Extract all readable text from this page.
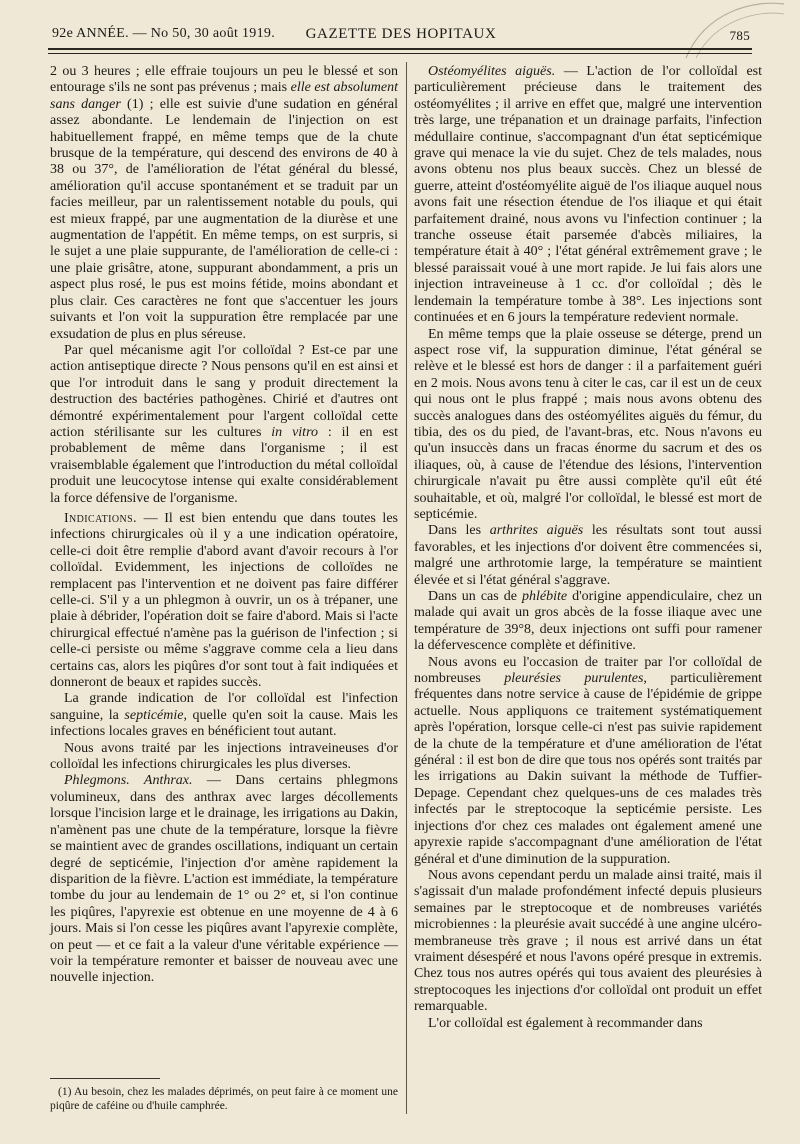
92e ANNÉE. — No 50, 30 août 1919.	GAZETTE DES HOPITAUX	785

2 ou 3 heures ; elle effraie toujours un peu le blessé et son entourage s'ils ne sont pas prévenus ; mais elle est absolument sans danger (1) ; elle est suivie d'une sudation en général assez abondante. Le lendemain de l'injection on est habituellement frappé, en même temps que de la chute brusque de la température, qui descend des environs de 40 à 38 ou 37°, de l'amélioration de l'état général du blessé, amélioration qu'il accuse spontanément et se traduit par un facies meilleur, par un ralentissement notable du pouls, qui est mieux frappé, par une augmentation de la diurèse et une augmentation de l'appétit. En même temps, on est surpris, si le sujet a une plaie suppurante, de l'amélioration de celle-ci : une plaie grisâtre, atone, suppurant abondamment, a pris un aspect plus rosé, le pus est moins fétide, moins abondant et plus clair. Ces caractères ne font que s'accentuer les jours suivants et l'on voit la suppuration être remplacée par une exsudation de plus en plus séreuse.

Par quel mécanisme agit l'or colloïdal ? Est-ce par une action antiseptique directe ? Nous pensons qu'il en est ainsi et que l'or introduit dans le sang y produit directement la destruction des bactéries pathogènes. Chirié et d'autres ont démontré expérimentalement pour l'argent colloïdal cette action stérilisante sur les cultures in vitro : il en est probablement de même dans l'organisme ; il est vraisemblable également que l'introduction du métal colloïdal produit une leucocytose intense qui exalte considérablement la force défensive de l'organisme.

Indications. — Il est bien entendu que dans toutes les infections chirurgicales où il y a une indication opératoire, celle-ci doit être remplie d'abord avant d'avoir recours à l'or colloïdal. Evidemment, les injections de colloïdes ne remplacent pas l'intervention et ne doivent pas faire différer celle-ci. S'il y a un phlegmon à ouvrir, un os à trépaner, une plaie à débrider, l'opération doit se faire d'abord. Mais si l'acte chirurgical effectué n'amène pas la guérison de l'infection ; si celle-ci persiste ou même s'aggrave comme cela a lieu dans certains cas, alors les piqûres d'or sont tout à fait indiquées et donneront de beaux et rapides succès.

La grande indication de l'or colloïdal est l'infection sanguine, la septicémie, quelle qu'en soit la cause. Mais les infections locales graves en bénéficient tout autant.

Nous avons traité par les injections intraveineuses d'or colloïdal les infections chirurgicales les plus diverses.

Phlegmons. Anthrax. — Dans certains phlegmons volumineux, dans des anthrax avec larges décollements lorsque l'incision large et le drainage, les irrigations au Dakin, n'amènent pas une chute de la température, lorsque la fièvre se maintient avec de grandes oscillations, indiquant un certain degré de septicémie, l'injection d'or amène rapidement la disparition de la fièvre. L'action est immédiate, la température tombe du jour au lendemain de 1° ou 2° et, si l'on continue les piqûres, l'apyrexie est obtenue en une moyenne de 4 à 6 jours. Mais si l'on cesse les piqûres avant l'apyrexie complète, on peut — et ce fait a la valeur d'une véritable expérience — voir la température remonter et baisser de nouveau avec une nouvelle injection.

Ostéomyélites aiguës. — L'action de l'or colloïdal est particulièrement précieuse dans le traitement des ostéomyélites ; il arrive en effet que, malgré une intervention très large, une trépanation et un drainage parfaits, l'infection médullaire continue, s'accompagnant d'un état septicémique grave qui menace la vie du sujet. Chez de tels malades, nous avons obtenu nos plus beaux succès. Chez un blessé de guerre, atteint d'ostéomyélite aiguë de l'os iliaque auquel nous avons fait une résection étendue de l'os iliaque et qui était parfaitement drainé, nous avons vu l'infection continuer ; la tranche osseuse était parsemée d'abcès miliaires, la température était à 40° ; l'état général extrêmement grave ; le blessé paraissait voué à une mort rapide. Je lui fais alors une injection intraveineuse à 1 cc. d'or colloïdal ; dès le lendemain la température tombe à 38°. Les injections sont continuées et en 6 jours la température redevient normale.

En même temps que la plaie osseuse se déterge, prend un aspect rose vif, la suppuration diminue, l'état général se relève et le blessé est hors de danger : il a parfaitement guéri en 2 mois. Nous avons tenu à citer le cas, car il est un de ceux qui nous ont le plus frappé ; mais nous avons obtenu des succès analogues dans des ostéomyélites aiguës du fémur, du tibia, des os du pied, de l'avant-bras, etc. Nous n'avons eu qu'un insuccès dans un fracas énorme du sacrum et des os iliaques, où, à cause de l'étendue des lésions, l'intervention chirurgicale n'avait pu être aussi complète qu'il eût été souhaitable, et où, malgré l'or colloïdal, le blessé est mort de septicémie.

Dans les arthrites aiguës les résultats sont tout aussi favorables, et les injections d'or doivent être commencées si, malgré une arthrotomie large, la température se maintient élevée et si l'état général s'aggrave.

Dans un cas de phlébite d'origine appendiculaire, chez un malade qui avait un gros abcès de la fosse iliaque avec une température de 39°8, deux injections ont suffi pour ramener la défervescence complète et définitive.

Nous avons eu l'occasion de traiter par l'or colloïdal de nombreuses pleurésies purulentes, particulièrement fréquentes dans notre service à cause de l'épidémie de grippe actuelle. Nous appliquons ce traitement systématiquement après l'opération, lorsque celle-ci n'est pas suivie rapidement de la chute de la température et d'une amélioration de l'état général : il est bon de dire que tous nos opérés sont traités par les irrigations au Dakin suivant la méthode de Tuffier-Depage. Cependant chez quelques-uns de ces malades très infectés par le streptocoque la septicémie persiste. Les injections d'or chez ces malades ont également amené une apyrexie rapide s'accompagnant d'une amélioration de l'état général et d'une diminution de la suppuration.

Nous avons cependant perdu un malade ainsi traité, mais il s'agissait d'un malade profondément infecté depuis plusieurs semaines par le streptocoque et de nombreuses variétés microbiennes : la pleurésie avait succédé à une angine ulcéro-membraneuse très grave ; il nous est arrivé dans un état vraiment désespéré et nous l'avons opéré presque in extremis. Chez tous nos autres opérés qui tous avaient des pleurésies à streptocoques les injections d'or colloïdal ont produit un effet remarquable.

L'or colloïdal est également à recommander dans

(1) Au besoin, chez les malades déprimés, on peut faire à ce moment une piqûre de caféine ou d'huile camphrée.
